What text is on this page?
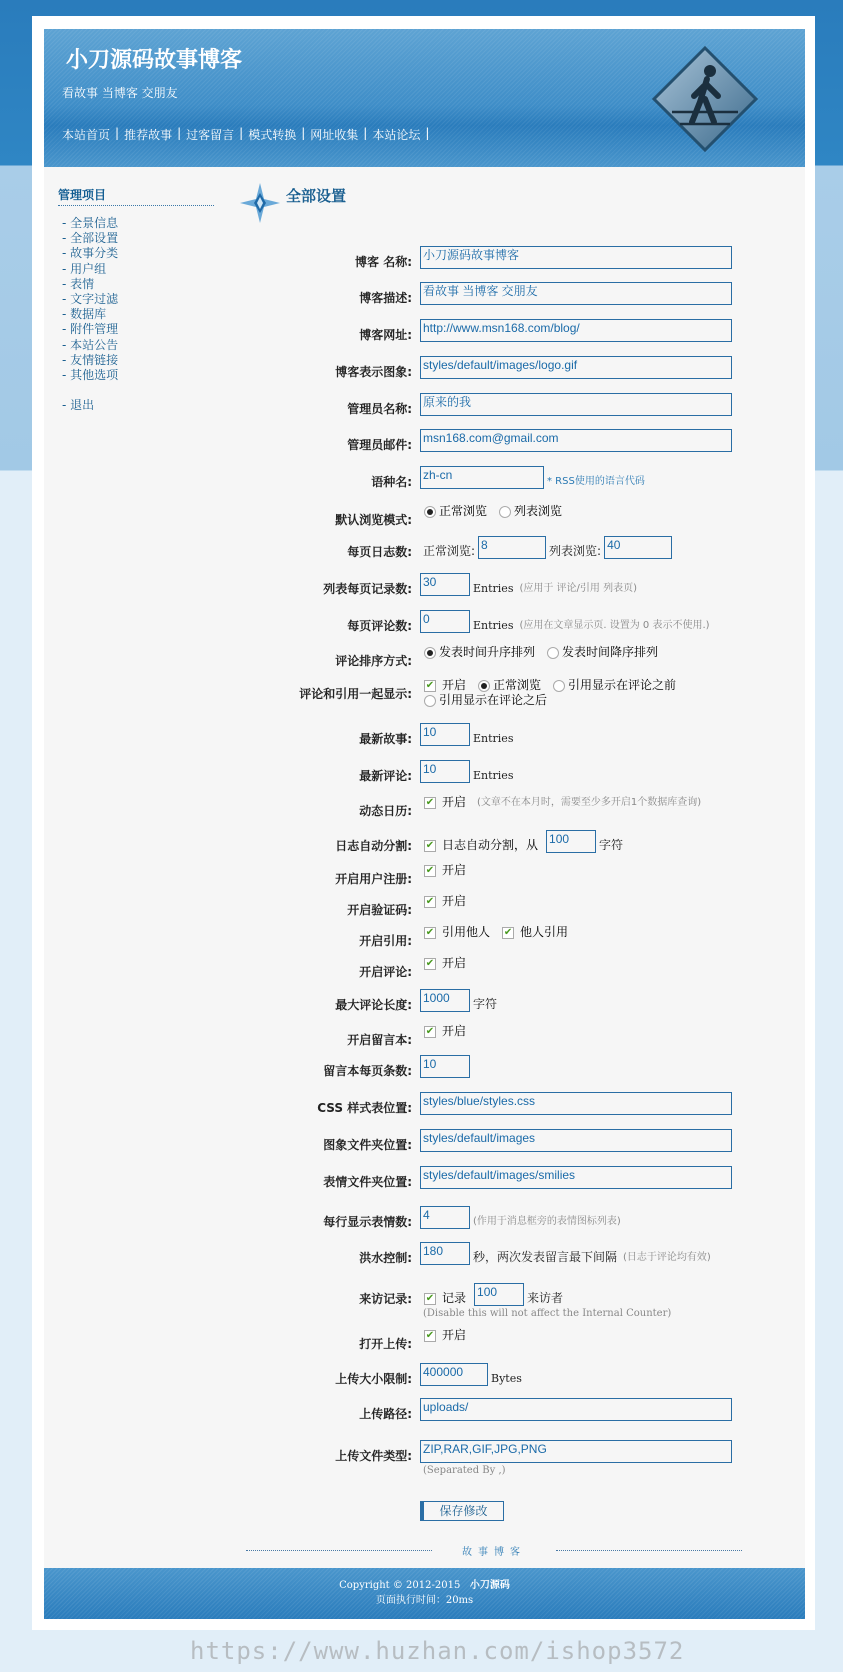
小刀源码故事博客
看故事 当博客 交朋友
本站首页 | 推荐故事 | 过客留言 | 模式转换 | 网址收集 | 本站论坛 |
管理项目
- 全景信息
- 全部设置
- 故事分类
- 用户组
- 表情
- 文字过滤
- 数据库
- 附件管理
- 本站公告
- 友情链接
- 其他选项
- 退出
全部设置
博客 名称: 小刀源码故事博客
博客描述: 看故事 当博客 交朋友
博客网址: http://www.msn168.com/blog/
博客表示图象: styles/default/images/logo.gif
管理员名称: 原来的我
管理员邮件: msn168.com@gmail.com
语种名: zh-cn	* RSS使用的语言代码
默认浏览模式:
正常浏览 列表浏览
每页日志数: 正常浏览: 8	列表浏览: 40
列表每页记录数: 30	Entries (应用于 评论/引用 列表页)
每页评论数: 0	Entries (应用在文章显示页. 设置为 0 表示不使用.)
评论排序方式:
发表时间升序排列 发表时间降序排列
评论和引用一起显示:
✔ 开启 正常浏览 引用显示在评论之前
引用显示在评论之后
最新故事: 10	Entries
最新评论: 10	Entries
动态日历:
✔ 开启 (文章不在本月时，需要至少多开启1个数据库查询)
日志自动分割:	✔ 日志自动分割，从 100	字符
开启用户注册:
✔ 开启
开启验证码:
✔ 开启
开启引用:
✔ 引用他人 ✔ 他人引用
开启评论:
✔ 开启
最大评论长度: 1000	字符
开启留言本:
✔ 开启
留言本每页条数: 10
CSS 样式表位置: styles/blue/styles.css
图象文件夹位置: styles/default/images
表情文件夹位置: styles/default/images/smilies
每行显示表情数: 4	(作用于消息框旁的表情图标列表)
洪水控制: 180	秒，两次发表留言最下间隔 (日志于评论均有效)
来访记录:	✔ 记录 100	来访者
(Disable this will not affect the Internal Counter)
打开上传:
✔ 开启
上传大小限制: 400000	Bytes
上传路径: uploads/
上传文件类型: ZIP,RAR,GIF,JPG,PNG
(Separated By ,)
保存修改
故事博客
Copyright © 2012-2015 小刀源码
页面执行时间：20ms
https://www.huzhan.com/ishop3572
